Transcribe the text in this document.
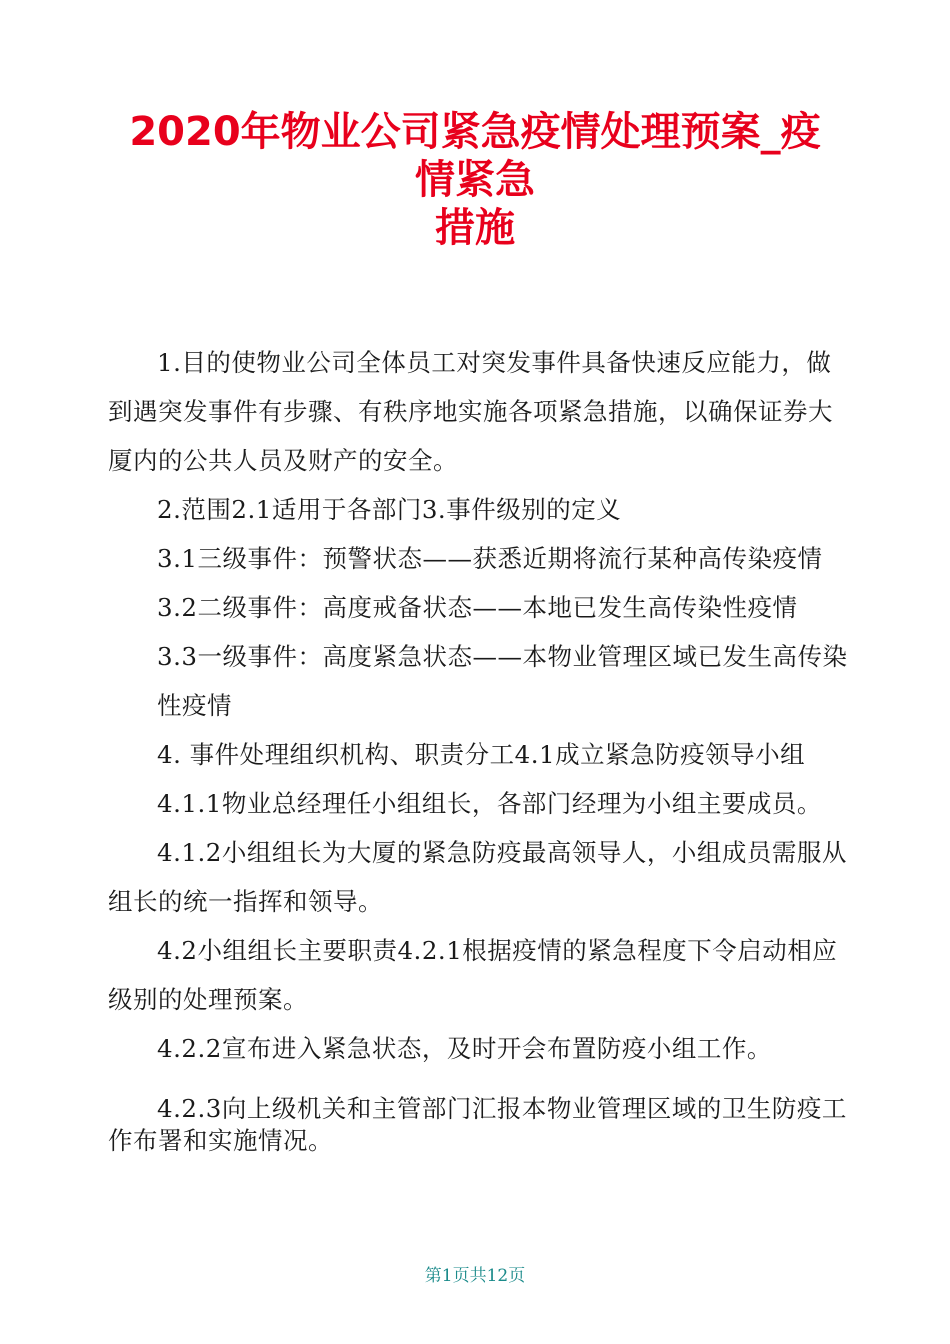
2020年物业公司紧急疫情处理预案_疫
情紧急
措施

1.目的使物业公司全体员工对突发事件具备快速反应能力，做到遇突发事件有步骤、有秩序地实施各项紧急措施，以确保证券大厦内的公共人员及财产的安全。

2.范围2.1适用于各部门3.事件级别的定义

3.1三级事件：预警状态——获悉近期将流行某种高传染疫情

3.2二级事件：高度戒备状态——本地已发生高传染性疫情

3.3一级事件：高度紧急状态——本物业管理区域已发生高传染性疫情

4. 事件处理组织机构、职责分工4.1成立紧急防疫领导小组

4.1.1物业总经理任小组组长，各部门经理为小组主要成员。

4.1.2小组组长为大厦的紧急防疫最高领导人，小组成员需服从组长的统一指挥和领导。

4.2小组组长主要职责4.2.1根据疫情的紧急程度下令启动相应级别的处理预案。

4.2.2宣布进入紧急状态，及时开会布置防疫小组工作。

4.2.3向上级机关和主管部门汇报本物业管理区域的卫生防疫工作布署和实施情况。

第1页共12页
